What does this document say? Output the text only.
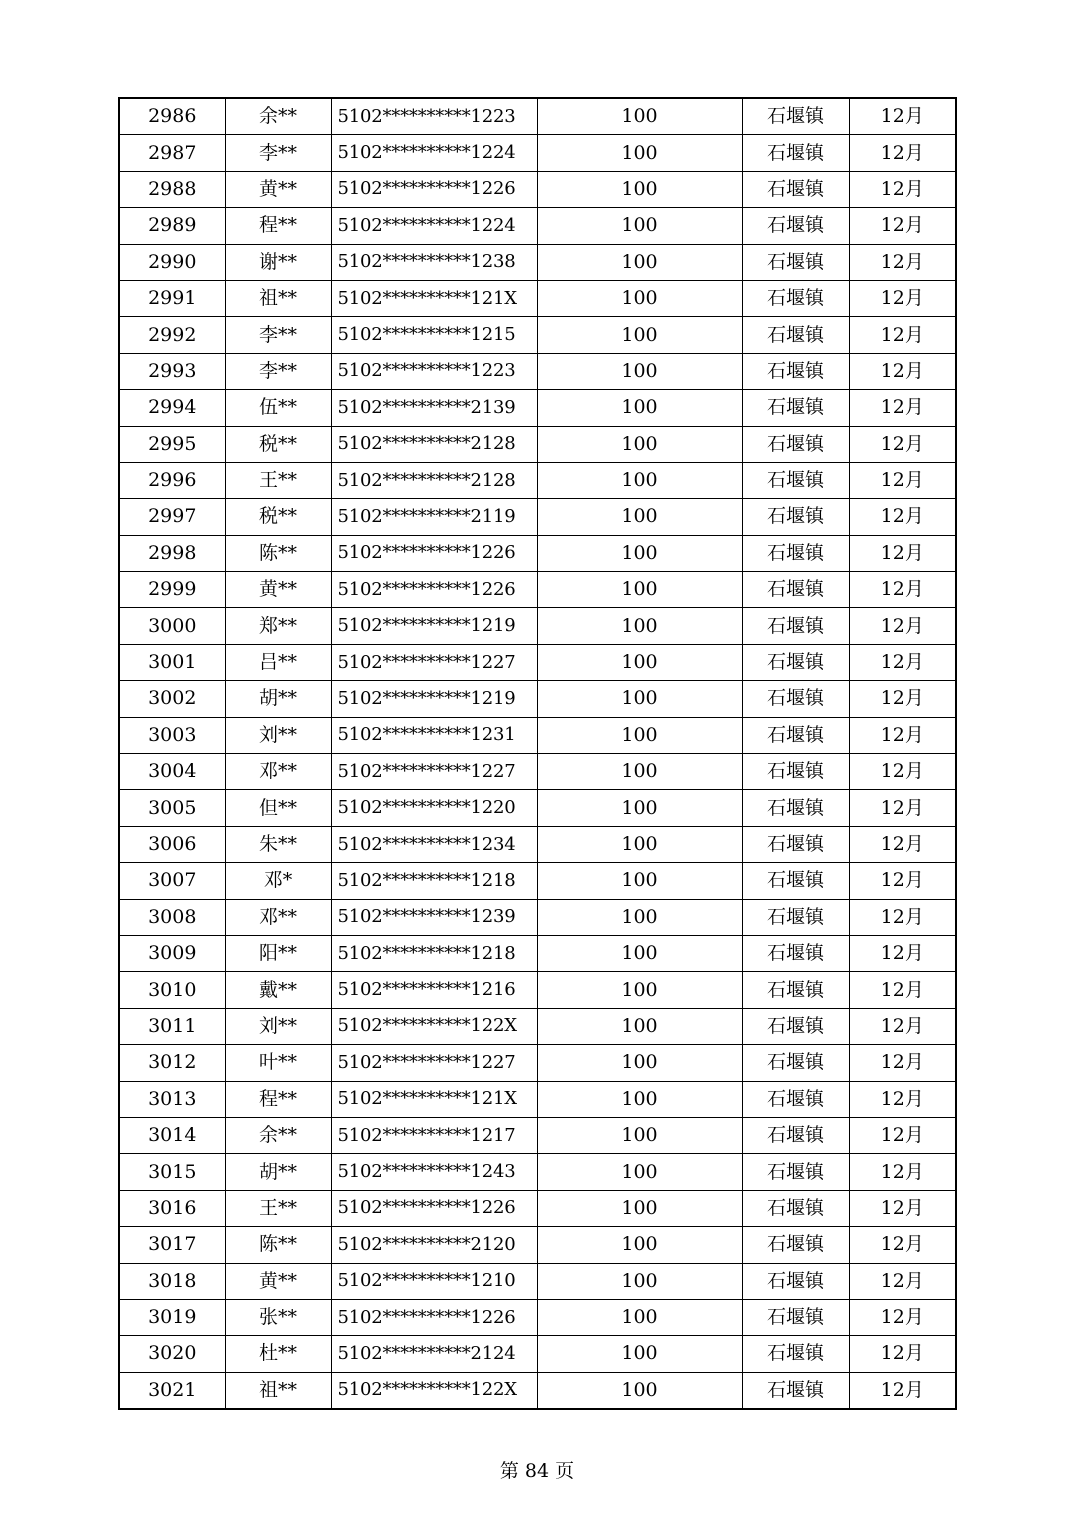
2986	余**	5102**********1223	100	石堰镇	12月
2987	李**	5102**********1224	100	石堰镇	12月
2988	黄**	5102**********1226	100	石堰镇	12月
2989	程**	5102**********1224	100	石堰镇	12月
2990	谢**	5102**********1238	100	石堰镇	12月
2991	祖**	5102**********121X	100	石堰镇	12月
2992	李**	5102**********1215	100	石堰镇	12月
2993	李**	5102**********1223	100	石堰镇	12月
2994	伍**	5102**********2139	100	石堰镇	12月
2995	税**	5102**********2128	100	石堰镇	12月
2996	王**	5102**********2128	100	石堰镇	12月
2997	税**	5102**********2119	100	石堰镇	12月
2998	陈**	5102**********1226	100	石堰镇	12月
2999	黄**	5102**********1226	100	石堰镇	12月
3000	郑**	5102**********1219	100	石堰镇	12月
3001	吕**	5102**********1227	100	石堰镇	12月
3002	胡**	5102**********1219	100	石堰镇	12月
3003	刘**	5102**********1231	100	石堰镇	12月
3004	邓**	5102**********1227	100	石堰镇	12月
3005	但**	5102**********1220	100	石堰镇	12月
3006	朱**	5102**********1234	100	石堰镇	12月
3007	邓*	5102**********1218	100	石堰镇	12月
3008	邓**	5102**********1239	100	石堰镇	12月
3009	阳**	5102**********1218	100	石堰镇	12月
3010	戴**	5102**********1216	100	石堰镇	12月
3011	刘**	5102**********122X	100	石堰镇	12月
3012	叶**	5102**********1227	100	石堰镇	12月
3013	程**	5102**********121X	100	石堰镇	12月
3014	余**	5102**********1217	100	石堰镇	12月
3015	胡**	5102**********1243	100	石堰镇	12月
3016	王**	5102**********1226	100	石堰镇	12月
3017	陈**	5102**********2120	100	石堰镇	12月
3018	黄**	5102**********1210	100	石堰镇	12月
3019	张**	5102**********1226	100	石堰镇	12月
3020	杜**	5102**********2124	100	石堰镇	12月
3021	祖**	5102**********122X	100	石堰镇	12月
第 84 页
